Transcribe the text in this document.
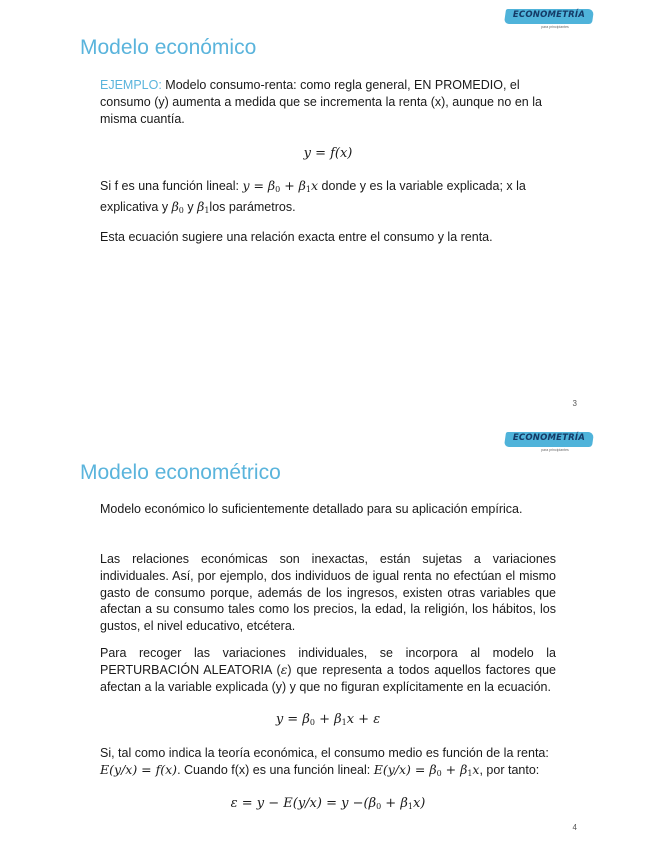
ECONOMETRÍA
para principiantes
Modelo económico
EJEMPLO: Modelo consumo-renta: como regla general, EN PROMEDIO, el consumo (y) aumenta a medida que se incrementa la renta (x), aunque no en la misma cuantía.
y = f(x)
Si f es una función lineal: $y = \beta_0 + \beta_1x$ donde y es la variable explicada; x la explicativa y $\beta_0$ y $\beta_1los$ parámetros.
Esta ecuación sugiere una relación exacta entre el consumo y la renta.
3
ECONOMETRÍA
para principiantes
Modelo econométrico
Modelo económico lo suficientemente detallado para su aplicación empírica.
Las relaciones económicas son inexactas, están sujetas a variaciones individuales. Así, por ejemplo, dos individuos de igual renta no efectúan el mismo gasto de consumo porque, además de los ingresos, existen otras variables que afectan a su consumo tales como los precios, la edad, la religión, los hábitos, los gustos, el nivel educativo, etcétera.
Para recoger las variaciones individuales, se incorpora al modelo la PERTURBACIÓN ALEATORIA (ε) que representa a todos aquellos factores que afectan a la variable explicada (y) y que no figuran explícitamente en la ecuación.
$y = \beta_0 + \beta_1x + \varepsilon$
Si, tal como indica la teoría económica, el consumo medio es función de la renta: E(y/x) = f(x). Cuando f(x) es una función lineal: $E(y/x) = \beta_0 + \beta_1x$, por tanto:
$\varepsilon = y - E(y/x) = y -(\beta_0 + \beta_1x)$
4
